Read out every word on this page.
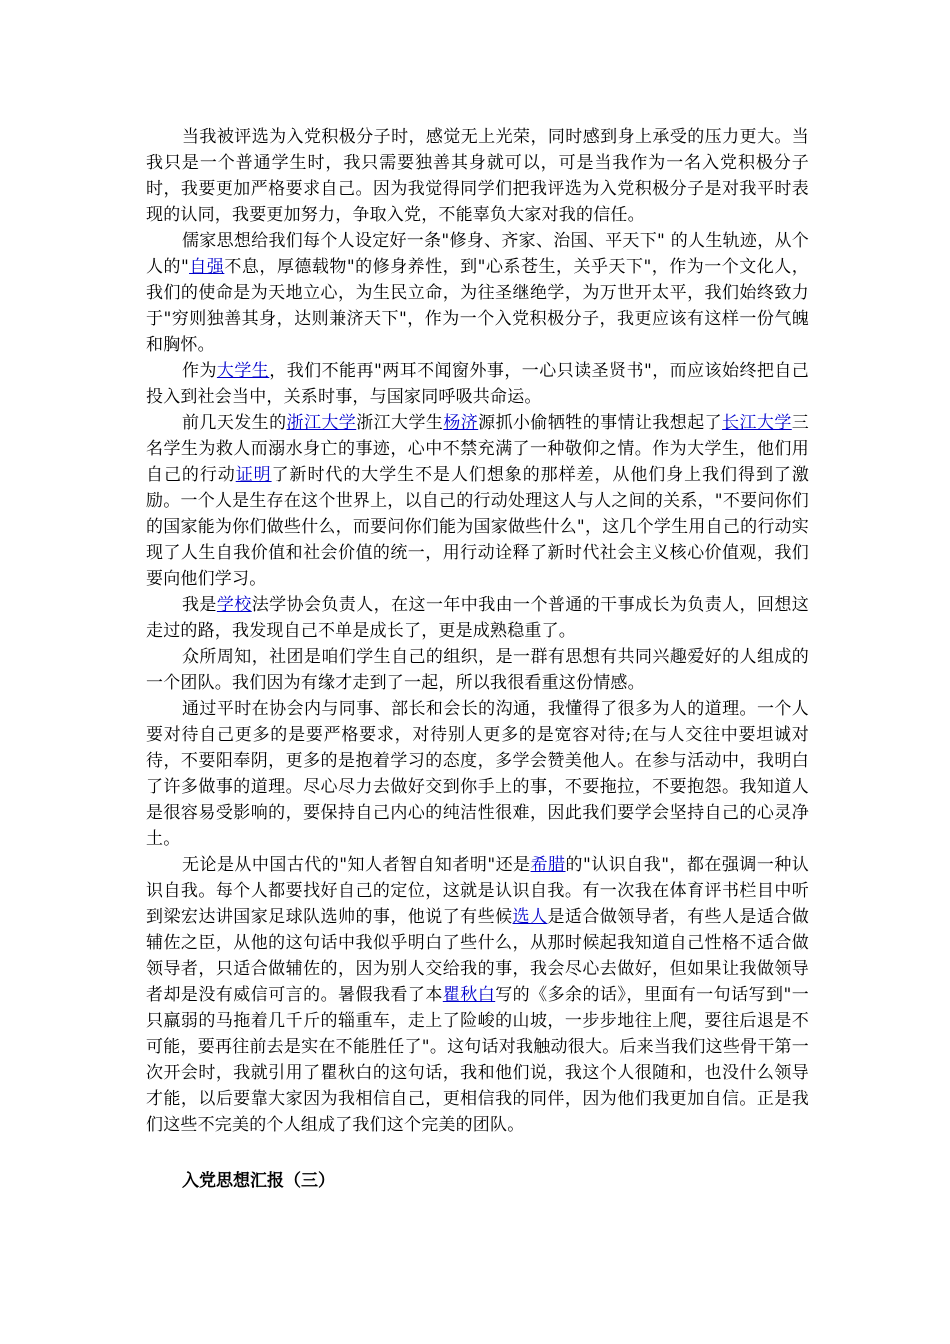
当我被评选为入党积极分子时，感觉无上光荣，同时感到身上承受的压力更大。当我只是一个普通学生时，我只需要独善其身就可以，可是当我作为一名入党积极分子时，我要更加严格要求自己。因为我觉得同学们把我评选为入党积极分子是对我平时表现的认同，我要更加努力，争取入党，不能辜负大家对我的信任。

儒家思想给我们每个人设定好一条"修身、齐家、治国、平天下" 的人生轨迹，从个人的"自强不息，厚德载物"的修身养性，到"心系苍生，关乎天下"，作为一个文化人，我们的使命是为天地立心，为生民立命，为往圣继绝学，为万世开太平，我们始终致力于"穷则独善其身，达则兼济天下"，作为一个入党积极分子，我更应该有这样一份气魄和胸怀。

作为大学生，我们不能再"两耳不闻窗外事，一心只读圣贤书"，而应该始终把自己投入到社会当中，关系时事，与国家同呼吸共命运。

前几天发生的浙江大学浙江大学生杨济源抓小偷牺牲的事情让我想起了长江大学三名学生为救人而溺水身亡的事迹，心中不禁充满了一种敬仰之情。作为大学生，他们用自己的行动证明了新时代的大学生不是人们想象的那样差，从他们身上我们得到了激励。一个人是生存在这个世界上，以自己的行动处理这人与人之间的关系，"不要问你们的国家能为你们做些什么，而要问你们能为国家做些什么"，这几个学生用自己的行动实现了人生自我价值和社会价值的统一，用行动诠释了新时代社会主义核心价值观，我们要向他们学习。

我是学校法学协会负责人，在这一年中我由一个普通的干事成长为负责人，回想这走过的路，我发现自己不单是成长了，更是成熟稳重了。

众所周知，社团是咱们学生自己的组织，是一群有思想有共同兴趣爱好的人组成的一个团队。我们因为有缘才走到了一起，所以我很看重这份情感。

通过平时在协会内与同事、部长和会长的沟通，我懂得了很多为人的道理。一个人要对待自己更多的是要严格要求，对待别人更多的是宽容对待;在与人交往中要坦诚对待，不要阳奉阴，更多的是抱着学习的态度，多学会赞美他人。在参与活动中，我明白了许多做事的道理。尽心尽力去做好交到你手上的事，不要拖拉，不要抱怨。我知道人是很容易受影响的，要保持自己内心的纯洁性很难，因此我们要学会坚持自己的心灵净土。

无论是从中国古代的"知人者智自知者明"还是希腊的"认识自我"，都在强调一种认识自我。每个人都要找好自己的定位，这就是认识自我。有一次我在体育评书栏目中听到梁宏达讲国家足球队选帅的事，他说了有些候选人是适合做领导者，有些人是适合做辅佐之臣，从他的这句话中我似乎明白了些什么，从那时候起我知道自己性格不适合做领导者，只适合做辅佐的，因为别人交给我的事，我会尽心去做好，但如果让我做领导者却是没有威信可言的。暑假我看了本瞿秋白写的《多余的话》，里面有一句话写到"一只羸弱的马拖着几千斤的辎重车，走上了险峻的山坡，一步步地往上爬，要往后退是不可能，要再往前去是实在不能胜任了"。这句话对我触动很大。后来当我们这些骨干第一次开会时，我就引用了瞿秋白的这句话，我和他们说，我这个人很随和，也没什么领导才能，以后要靠大家因为我相信自己，更相信我的同伴，因为他们我更加自信。正是我们这些不完美的个人组成了我们这个完美的团队。

入党思想汇报（三）
